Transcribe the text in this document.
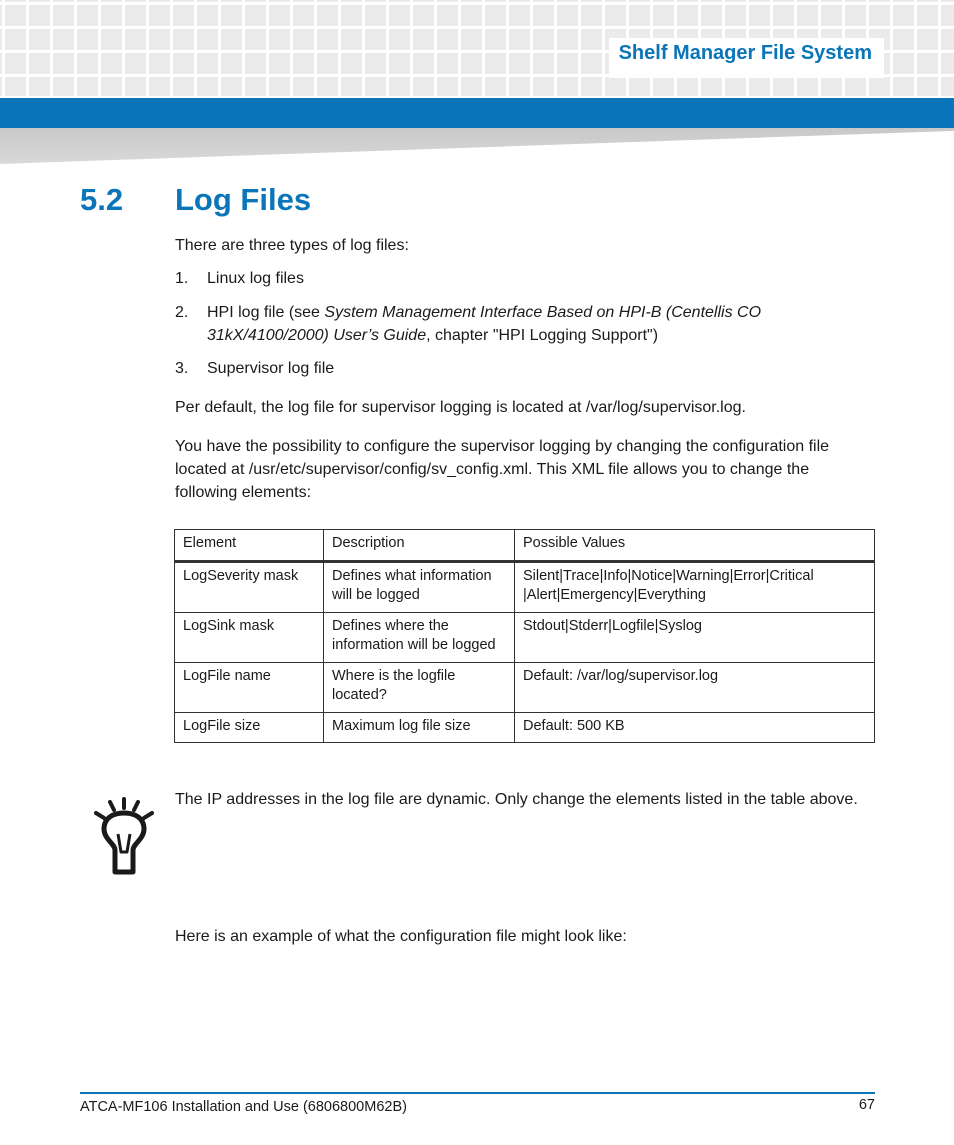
Shelf Manager File System
5.2 Log Files
There are three types of log files:
1. Linux log files
2. HPI log file (see System Management Interface Based on HPI-B (Centellis CO 31kX/4100/2000) User’s Guide, chapter "HPI Logging Support")
3. Supervisor log file
Per default, the log file for supervisor logging is located at /var/log/supervisor.log.
You have the possibility to configure the supervisor logging by changing the configuration file located at /usr/etc/supervisor/config/sv_config.xml. This XML file allows you to change the following elements:
Element	Description	Possible Values
LogSeverity mask	Defines what information will be logged	Silent|Trace|Info|Notice|Warning|Error|Critical |Alert|Emergency|Everything
LogSink mask	Defines where the information will be logged	Stdout|Stderr|Logfile|Syslog
LogFile name	Where is the logfile located?	Default: /var/log/supervisor.log
LogFile size	Maximum log file size	Default: 500 KB
The IP addresses in the log file are dynamic. Only change the elements listed in the table above.
Here is an example of what the configuration file might look like:
ATCA-MF106 Installation and Use (6806800M62B)	67
